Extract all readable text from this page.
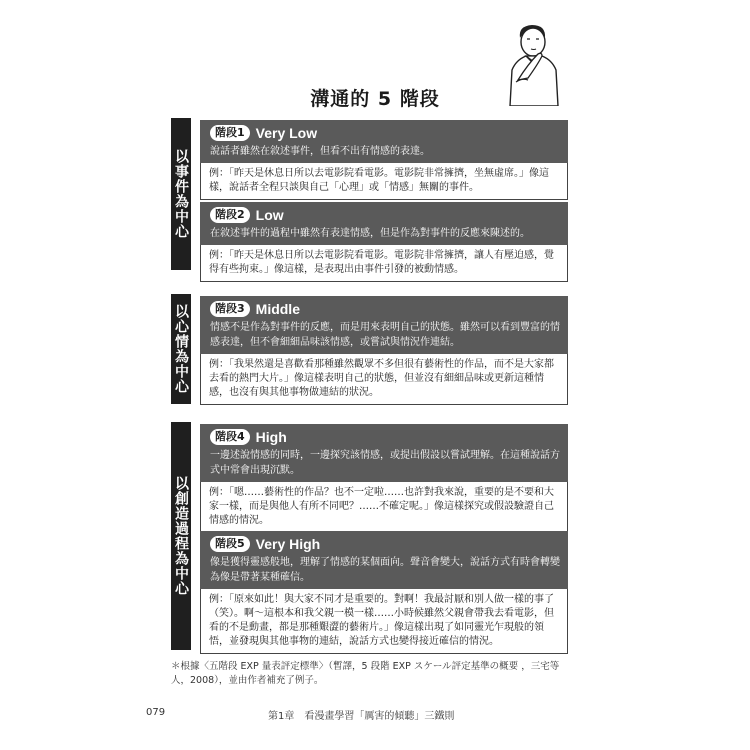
溝通的 5 階段
以事件為中心
以心情為中心
以創造過程為中心
階段1 Very Low
說話者雖然在敘述事件，但看不出有情感的表達。
例：「昨天是休息日所以去電影院看電影。電影院非常擁擠，坐無虛席。」像這樣，說話者全程只談與自己「心理」或「情感」無關的事件。
階段2 Low
在敘述事件的過程中雖然有表達情感，但是作為對事件的反應來陳述的。
例：「昨天是休息日所以去電影院看電影。電影院非常擁擠，讓人有壓迫感，覺得有些拘束。」像這樣，是表現出由事件引發的被動情感。
階段3 Middle
情感不是作為對事件的反應，而是用來表明自己的狀態。雖然可以看到豐富的情感表達，但不會細細品味該情感，或嘗試與情況作連結。
例：「我果然還是喜歡看那種雖然觀眾不多但很有藝術性的作品，而不是大家都去看的熱門大片。」像這樣表明自己的狀態，但並沒有細細品味或更新這種情感，也沒有與其他事物做連結的狀況。
階段4 High
一邊述說情感的同時，一邊探究該情感，或提出假設以嘗試理解。在這種說話方式中常會出現沉默。
例：「嗯……藝術性的作品？也不一定啦……也許對我來說，重要的是不要和大家一樣，而是與他人有所不同吧？……不確定呢。」像這樣探究或假設驗證自己情感的情況。
階段5 Very High
像是獲得靈感般地，理解了情感的某個面向。聲音會變大，說話方式有時會轉變為像是帶著某種確信。
例：「原來如此！與大家不同才是重要的。對啊！我最討厭和別人做一樣的事了（笑）。啊～這根本和我父親一模一樣……小時候雖然父親會帶我去看電影，但看的不是動畫，都是那種艱澀的藝術片。」像這樣出現了如同靈光乍現般的領悟，並發現與其他事物的連結，說話方式也變得接近確信的情況。
＊根據〈五階段 EXP 量表評定標準〉（暫譯，5 段階 EXP スケール評定基準の概要 ，三宅等人，2008），並由作者補充了例子。
079	第1章　看漫畫學習「厲害的傾聽」三鐵則
